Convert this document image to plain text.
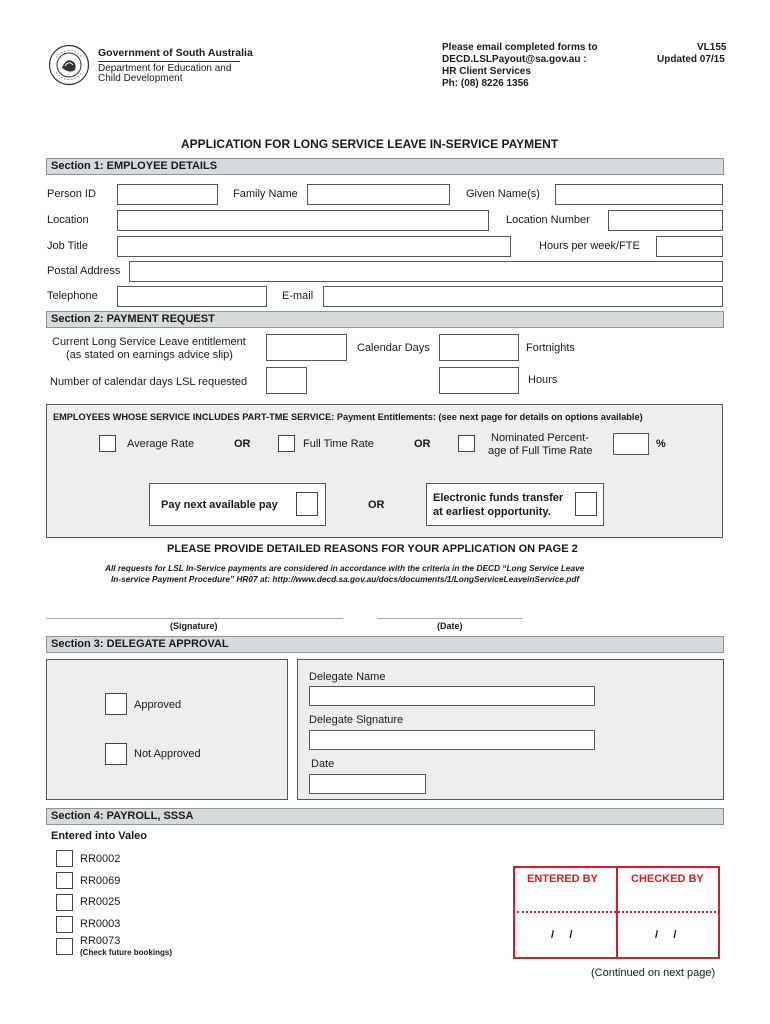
Government of South Australia
Department for Education and
Child Development
Please email completed forms to
DECD.LSLPayout@sa.gov.au :
HR Client Services
Ph: (08) 8226 1356
VL155
Updated 07/15
APPLICATION FOR LONG SERVICE LEAVE IN-SERVICE PAYMENT
Section 1: EMPLOYEE DETAILS
Person ID	Family Name	Given Name(s)
Location	Location Number
Job Title	Hours per week/FTE
Postal Address
Telephone	E-mail
Section 2: PAYMENT REQUEST
Current Long Service Leave entitlement
(as stated on earnings advice slip)
Calendar Days	Fortnights
Number of calendar days LSL requested	Hours
EMPLOYEES WHOSE SERVICE INCLUDES PART-TME SERVICE: Payment Entitlements: (see next page for details on options available)
Average Rate	OR	Full Time Rate	OR	Nominated Percent-
age of Full Time Rate
%
Pay next available pay	OR
Electronic funds transfer
at earliest opportunity.
PLEASE PROVIDE DETAILED REASONS FOR YOUR APPLICATION ON PAGE 2
All requests for LSL In-Service payments are considered in accordance with the criteria in the DECD “Long Service Leave
In-service Payment Procedure” HR07 at: http://www.decd.sa.gov.au/docs/documents/1/LongServiceLeaveinService.pdf
(Signature)	(Date)
Section 3: DELEGATE APPROVAL
Approved
Not Approved
Delegate Name
Delegate Signature
Date
Section 4: PAYROLL, SSSA
Entered into Valeo
RR0002
RR0069
RR0025
RR0003
RR0073
(Check future bookings)
ENTERED BY	CHECKED BY
/     /	/     /
(Continued on next page)
